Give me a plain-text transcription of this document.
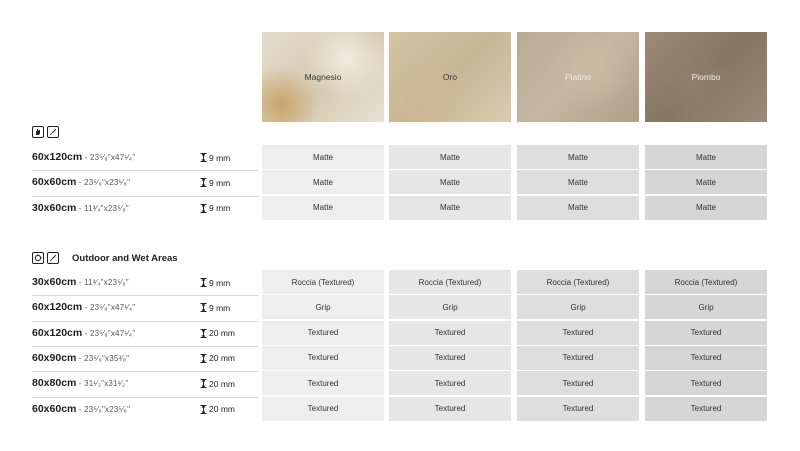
Magnesio	Oro	Platino	Piombo
Outdoor and Wet Areas
60x120cm - 23⁵⁄₈"x47¹⁄₄"	9 mm	Matte	Matte	Matte	Matte
60x60cm - 23⁵⁄₈"x23⁵⁄₈"	9 mm	Matte	Matte	Matte	Matte
30x60cm - 11³⁄₄"x23⁵⁄₈"	9 mm	Matte	Matte	Matte	Matte
30x60cm - 11³⁄₄"x23⁵⁄₈"	9 mm	Roccia (Textured)	Roccia (Textured)	Roccia (Textured)	Roccia (Textured)
60x120cm - 23⁵⁄₈"x47¹⁄₄"	9 mm	Grip	Grip	Grip	Grip
60x120cm - 23⁵⁄₈"x47¹⁄₄"	20 mm	Textured	Textured	Textured	Textured
60x90cm - 23⁵⁄₈"x35³⁄₈"	20 mm	Textured	Textured	Textured	Textured
80x80cm - 31¹⁄₂"x31¹⁄₂"	20 mm	Textured	Textured	Textured	Textured
60x60cm - 23⁵⁄₈"x23⁵⁄₈"	20 mm	Textured	Textured	Textured	Textured
